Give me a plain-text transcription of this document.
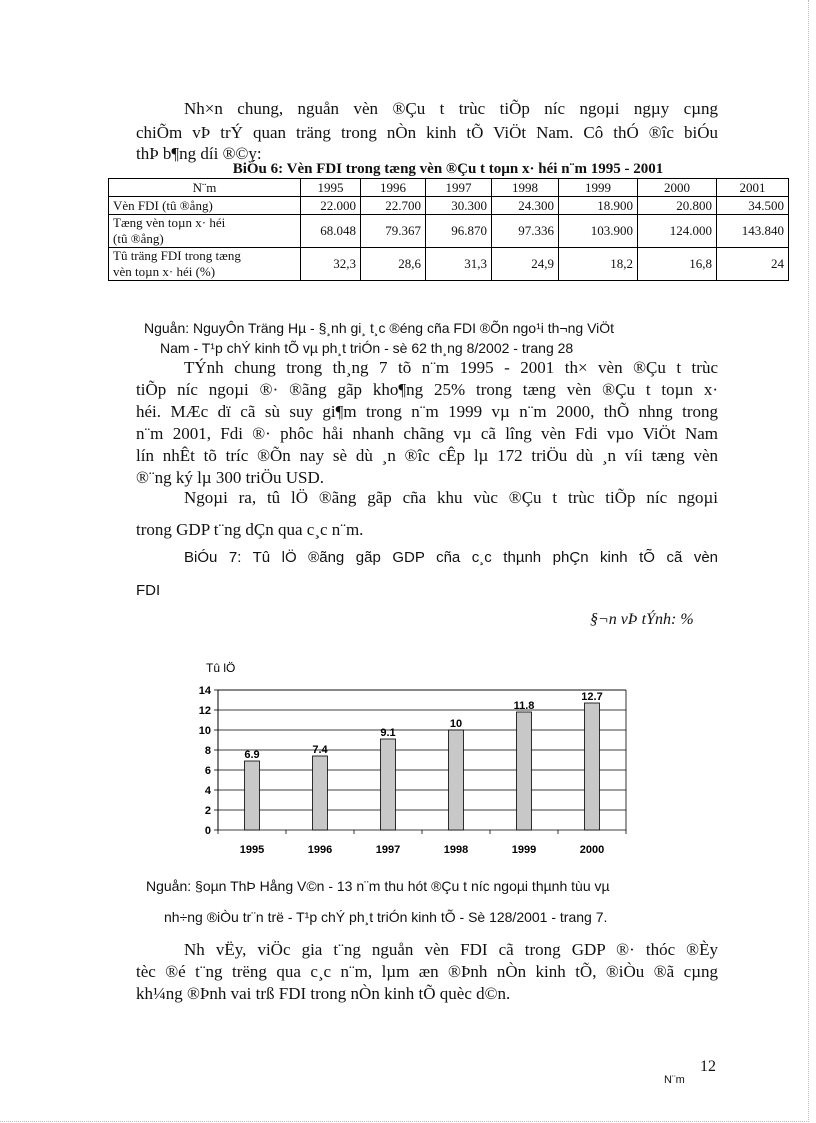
Nh×n chung, nguån vèn ®Çu t trùc tiÕp níc ngoµi ngµy cµng
chiÕm vÞ trÝ quan träng trong nÒn kinh tÕ ViÖt Nam. Cô thÓ ®îc biÓu
thÞ b¶ng díi ®©y:
BiÓu 6: Vèn FDI trong tæng vèn ®Çu t toµn x· héi n¨m 1995 - 2001
N¨m	1995	1996	1997	1998	1999	2000	2001
Vèn FDI (tû ®ång)	22.000	22.700	30.300	24.300	18.900	20.800	34.500

Tæng vèn toµn x· héi
(tû ®ång)	68.048	79.367	96.870	97.336	103.900	124.000	143.840

Tû träng FDI trong tæng
vèn toµn x· héi (%)	32,3	28,6	31,3	24,9	18,2	16,8	24
Nguån: NguyÔn Träng Hµ - §¸nh gi¸ t¸c ®éng cña FDI ®Õn ngo¹i th¬ng ViÖt
Nam - T¹p chÝ kinh tÕ vµ ph¸t triÓn - sè 62 th¸ng 8/2002 - trang 28
TÝnh chung trong th¸ng 7 tõ n¨m 1995 - 2001 th× vèn ®Çu t trùc
tiÕp níc ngoµi ®· ®ãng gãp kho¶ng 25% trong tæng vèn ®Çu t toµn x·
héi. MÆc dï cã sù suy gi¶m trong n¨m 1999 vµ n¨m 2000, thÕ nhng trong
n¨m 2001, Fdi ®· phôc håi nhanh chãng vµ cã lîng vèn Fdi vµo ViÖt Nam
lín nhÊt tõ tríc ®Õn nay sè dù ¸n ®îc cÊp lµ 172 triÖu dù ¸n víi tæng vèn
®¨ng ký lµ 300 triÖu USD.
Ngoµi ra, tû lÖ ®ãng gãp cña khu vùc ®Çu t trùc tiÕp níc ngoµi
trong GDP t¨ng dÇn qua c¸c n¨m.
BiÓu 7: Tû lÖ ®ãng gãp GDP cña c¸c thµnh phÇn kinh tÕ cã vèn
FDI
§¬n vÞ tÝnh: %
Tû lÖ
6.9	7.4
9.1
10
11.8
12.7
0
2
4
6
8
10
12
14
1995	1996	1997	1998	1999	2000
Nguån: §oµn ThÞ Hång V©n - 13 n¨m thu hót ®Çu t níc ngoµi thµnh tùu vµ
nh÷ng ®iÒu tr¨n trë - T¹p chÝ ph¸t triÓn kinh tÕ - Sè 128/2001 - trang 7.
Nh vËy, viÖc gia t¨ng nguån vèn FDI cã trong GDP ®· thóc ®Èy
tèc ®é t¨ng trëng qua c¸c n¨m, lµm æn ®Þnh nÒn kinh tÕ, ®iÒu ®ã cµng
kh¼ng ®Þnh vai trß FDI trong nÒn kinh tÕ quèc d©n.
12
N¨m
